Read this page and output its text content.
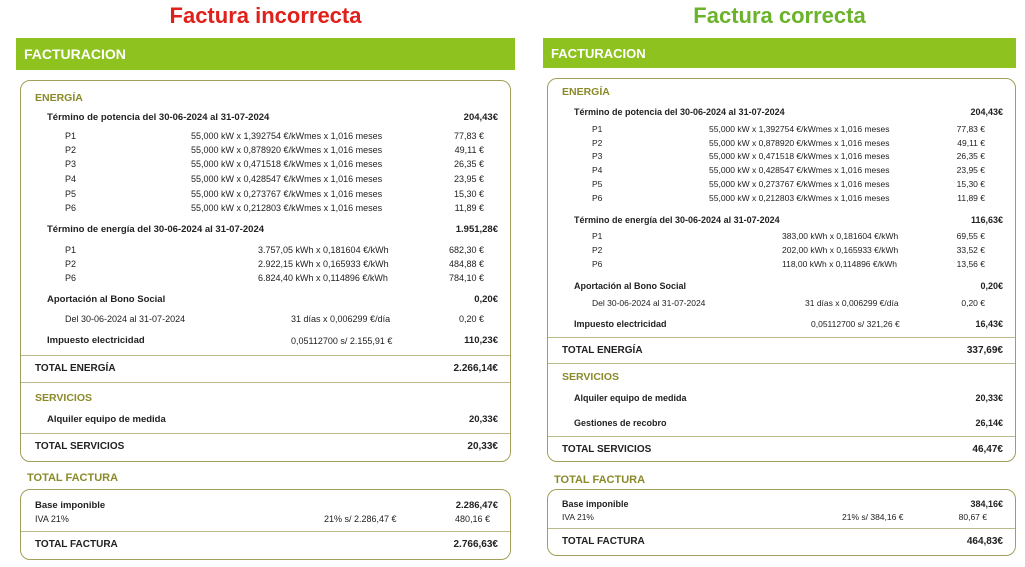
Factura incorrecta
FACTURACION
ENERGÍA
Término de potencia del 30-06-2024 al 31-07-2024	204,43€
P1	55,000 kW x 1,392754 €/kWmes x 1,016 meses	77,83 €
P2	55,000 kW x 0,878920 €/kWmes x 1,016 meses	49,11 €
P3	55,000 kW x 0,471518 €/kWmes x 1,016 meses	26,35 €
P4	55,000 kW x 0,428547 €/kWmes x 1,016 meses	23,95 €
P5	55,000 kW x 0,273767 €/kWmes x 1,016 meses	15,30 €
P6	55,000 kW x 0,212803 €/kWmes x 1,016 meses	11,89 €
Término de energía del 30-06-2024 al 31-07-2024	1.951,28€
P1	3.757,05 kWh x 0,181604 €/kWh	682,30 €
P2	2.922,15 kWh x 0,165933 €/kWh	484,88 €
P6	6.824,40 kWh x 0,114896 €/kWh	784,10 €
Aportación al Bono Social	0,20€
Del 30-06-2024 al 31-07-2024	31 días x 0,006299 €/día	0,20 €
Impuesto electricidad	0,05112700 s/ 2.155,91 €	110,23€
TOTAL ENERGÍA	2.266,14€
SERVICIOS
Alquiler equipo de medida	20,33€
TOTAL SERVICIOS	20,33€
TOTAL FACTURA
Base imponible	2.286,47€
IVA 21%	21% s/ 2.286,47 €	480,16 €
TOTAL FACTURA	2.766,63€
Factura correcta
FACTURACION
ENERGÍA
Término de potencia del 30-06-2024 al 31-07-2024	204,43€
P1	55,000 kW x 1,392754 €/kWmes x 1,016 meses	77,83 €
P2	55,000 kW x 0,878920 €/kWmes x 1,016 meses	49,11 €
P3	55,000 kW x 0,471518 €/kWmes x 1,016 meses	26,35 €
P4	55,000 kW x 0,428547 €/kWmes x 1,016 meses	23,95 €
P5	55,000 kW x 0,273767 €/kWmes x 1,016 meses	15,30 €
P6	55,000 kW x 0,212803 €/kWmes x 1,016 meses	11,89 €
Término de energía del 30-06-2024 al 31-07-2024	116,63€
P1	383,00 kWh x 0,181604 €/kWh	69,55 €
P2	202,00 kWh x 0,165933 €/kWh	33,52 €
P6	118,00 kWh x 0,114896 €/kWh	13,56 €
Aportación al Bono Social	0,20€
Del 30-06-2024 al 31-07-2024	31 días x 0,006299 €/día	0,20 €
Impuesto electricidad	0,05112700 s/ 321,26 €	16,43€
TOTAL ENERGÍA	337,69€
SERVICIOS
Alquiler equipo de medida	20,33€
Gestiones de recobro	26,14€
TOTAL SERVICIOS	46,47€
TOTAL FACTURA
Base imponible	384,16€
IVA 21%	21% s/ 384,16 €	80,67 €
TOTAL FACTURA	464,83€
